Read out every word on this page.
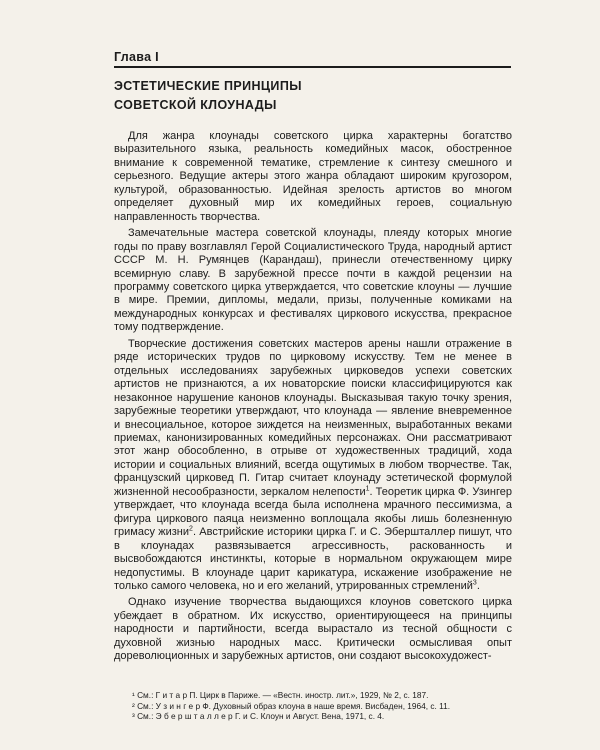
Глава I
ЭСТЕТИЧЕСКИЕ ПРИНЦИПЫ
СОВЕТСКОЙ КЛОУНАДЫ

Для жанра клоунады советского цирка характерны богатство выразительного языка, реальность комедийных масок, обостренное внимание к современной тематике, стремление к синтезу смешного и серьезного. Ведущие актеры этого жанра обладают широким кругозором, культурой, образованностью. Идейная зрелость артистов во многом определяет духовный мир их комедийных героев, социальную направленность творчества.

Замечательные мастера советской клоунады, плеяду которых многие годы по праву возглавлял Герой Социалистического Труда, народный артист СССР М. Н. Румянцев (Карандаш), принесли отечественному цирку всемирную славу. В зарубежной прессе почти в каждой рецензии на программу советского цирка утверждается, что советские клоуны — лучшие в мире. Премии, дипломы, медали, призы, полученные комиками на международных конкурсах и фестивалях циркового искусства, прекрасное тому подтверждение.

Творческие достижения советских мастеров арены нашли отражение в ряде исторических трудов по цирковому искусству. Тем не менее в отдельных исследованиях зарубежных цирковедов успехи советских артистов не признаются, а их новаторские поиски классифицируются как незаконное нарушение канонов клоунады. Высказывая такую точку зрения, зарубежные теоретики утверждают, что клоунада — явление вневременное и внесоциальное, которое зиждется на неизменных, выработанных веками приемах, канонизированных комедийных персонажах. Они рассматривают этот жанр обособленно, в отрыве от художественных традиций, хода истории и социальных влияний, всегда ощутимых в любом творчестве. Так, французский цирковед П. Гитар считает клоунаду эстетической формулой жизненной несообразности, зеркалом нелепости$^1$. Теоретик цирка Ф. Узингер утверждает, что клоунада всегда была исполнена мрачного пессимизма, а фигура циркового паяца неизменно воплощала якобы лишь болезненную гримасу жизни$^2$. Австрийские историки цирка Г. и С. Эбершталлер пишут, что в клоунадах развязывается агрессивность, раскованность и высвобождаются инстинкты, которые в нормальном окружающем мире недопустимы. В клоунаде царит карикатура, искажение изображение не только самого человека, но и его желаний, утрированных стремлений$^3$.

Однако изучение творчества выдающихся клоунов советского цирка убеждает в обратном. Их искусство, ориентирующееся на принципы народности и партийности, всегда вырастало из тесной общности с духовной жизнью народных масс. Критически осмысливая опыт дореволюционных и зарубежных артистов, они создают высокохудожест-

¹ См.: Г и т а р П. Цирк в Париже. — «Вестн. иностр. лит.», 1929, № 2, с. 187.
² См.: У з и н г е р Ф. Духовный образ клоуна в наше время. Висбаден, 1964, с. 11.
³ См.: Э б е р ш т а л л е р Г. и С. Клоун и Август. Вена, 1971, с. 4.
